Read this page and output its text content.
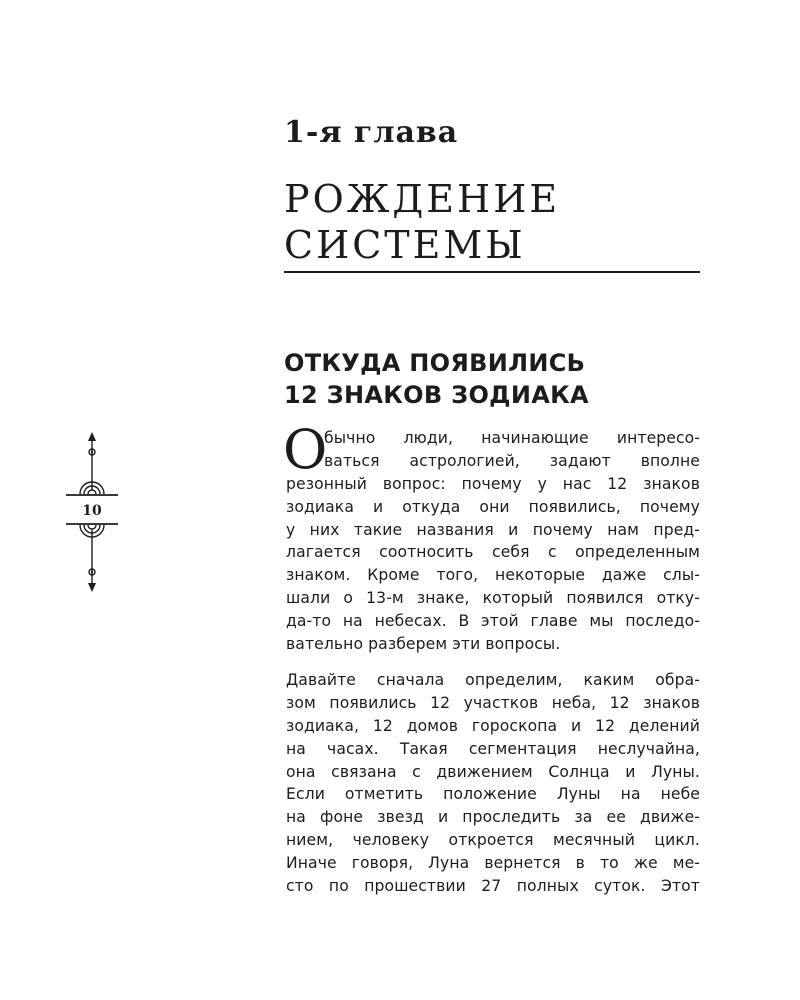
1-я глава
РОЖДЕНИЕ
СИСТЕМЫ
ОТКУДА ПОЯВИЛИСЬ
12 ЗНАКОВ ЗОДИАКА
О
бычно люди, начинающие интересо-
ваться астрологией, задают вполне
резонный вопрос: почему у нас 12 знаков
зодиака и откуда они появились, почему
у них такие названия и почему нам пред-
лагается соотносить себя с определенным
знаком. Кроме того, некоторые даже слы-
шали о 13-м знаке, который появился отку-
да-то на небесах. В этой главе мы последо-
вательно разберем эти вопросы.
Давайте сначала определим, каким обра-
зом появились 12 участков неба, 12 знаков
зодиака, 12 домов гороскопа и 12 делений
на часах. Такая сегментация неслучайна,
она связана с движением Солнца и Луны.
Если отметить положение Луны на небе
на фоне звезд и проследить за ее движе-
нием, человеку откроется месячный цикл.
Иначе говоря, Луна вернется в то же ме-
сто по прошествии 27 полных суток. Этот
10
